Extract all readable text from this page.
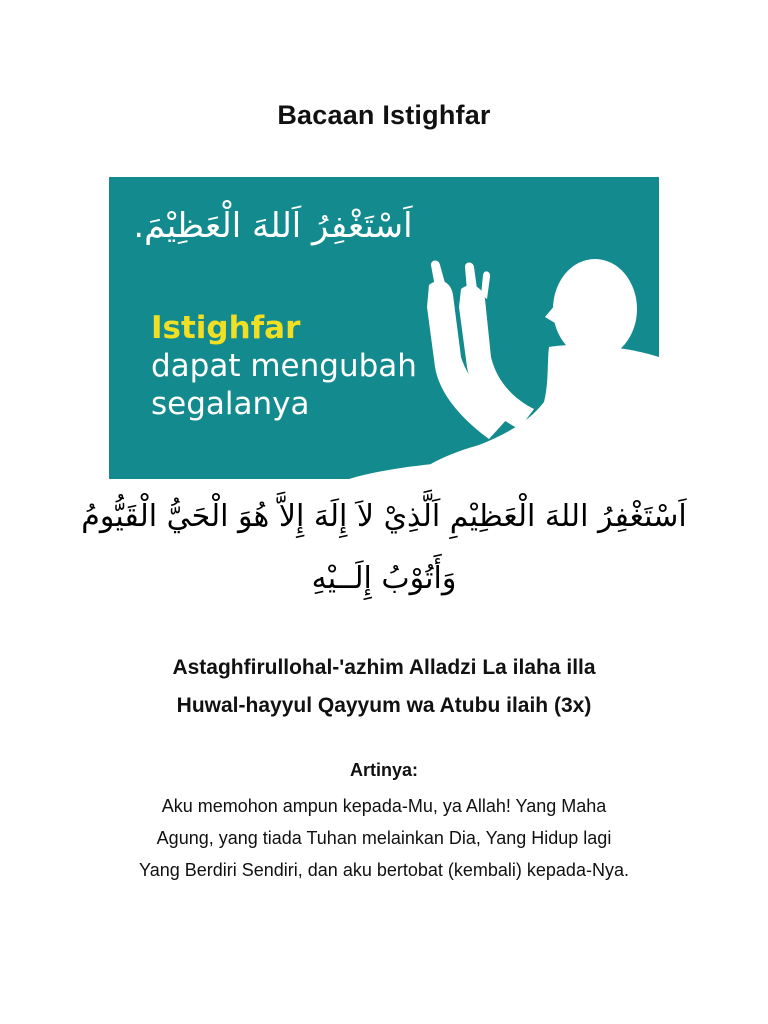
Bacaan Istighfar
اَسْتَغْفِرُ اَللهَ الْعَظِيْمَ.
Istighfar
dapat mengubah
segalanya
اَسْتَغْفِرُ اللهَ الْعَظِيْمِ اَلَّذِيْ لاَ إِلَهَ إِلاَّ هُوَ الْحَيُّ الْقَيُّومُ
وَأَتُوْبُ إِلَــيْهِ
Astaghfirullohal-'azhim Alladzi La ilaha illa
Huwal-hayyul Qayyum wa Atubu ilaih (3x)
Artinya:
Aku memohon ampun kepada-Mu, ya Allah! Yang Maha
Agung, yang tiada Tuhan melainkan Dia, Yang Hidup lagi
Yang Berdiri Sendiri, dan aku bertobat (kembali) kepada-Nya.
